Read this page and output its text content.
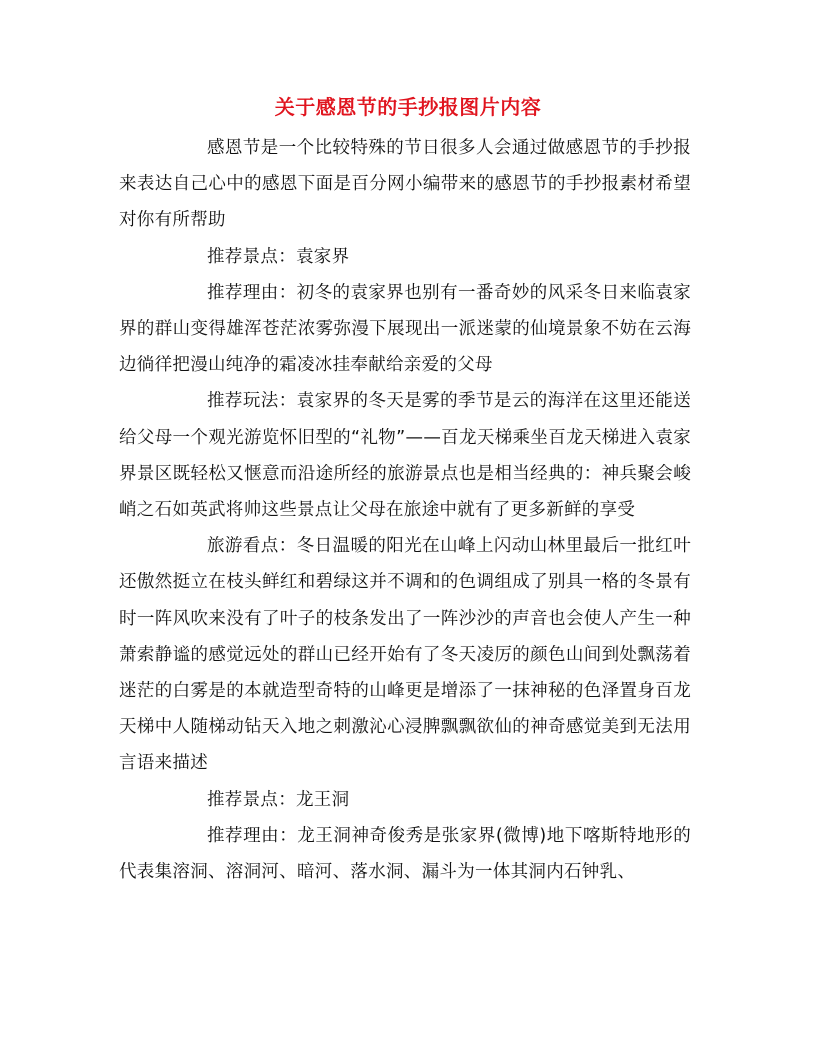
关于感恩节的手抄报图片内容

感恩节是一个比较特殊的节日很多人会通过做感恩节的手抄报来表达自己心中的感恩下面是百分网小编带来的感恩节的手抄报素材希望对你有所帮助

推荐景点：袁家界

推荐理由：初冬的袁家界也别有一番奇妙的风采冬日来临袁家界的群山变得雄浑苍茫浓雾弥漫下展现出一派迷蒙的仙境景象不妨在云海边徜徉把漫山纯净的霜凌冰挂奉献给亲爱的父母

推荐玩法：袁家界的冬天是雾的季节是云的海洋在这里还能送给父母一个观光游览怀旧型的“礼物”——百龙天梯乘坐百龙天梯进入袁家界景区既轻松又惬意而沿途所经的旅游景点也是相当经典的：神兵聚会峻峭之石如英武将帅这些景点让父母在旅途中就有了更多新鲜的享受

旅游看点：冬日温暖的阳光在山峰上闪动山林里最后一批红叶还傲然挺立在枝头鲜红和碧绿这并不调和的色调组成了别具一格的冬景有时一阵风吹来没有了叶子的枝条发出了一阵沙沙的声音也会使人产生一种萧索静谧的感觉远处的群山已经开始有了冬天凌厉的颜色山间到处飘荡着迷茫的白雾是的本就造型奇特的山峰更是增添了一抹神秘的色泽置身百龙天梯中人随梯动钻天入地之刺激沁心浸脾飘飘欲仙的神奇感觉美到无法用言语来描述

推荐景点：龙王洞

推荐理由：龙王洞神奇俊秀是张家界(微博)地下喀斯特地形的代表集溶洞、溶洞河、暗河、落水洞、漏斗为一体其洞内石钟乳、
